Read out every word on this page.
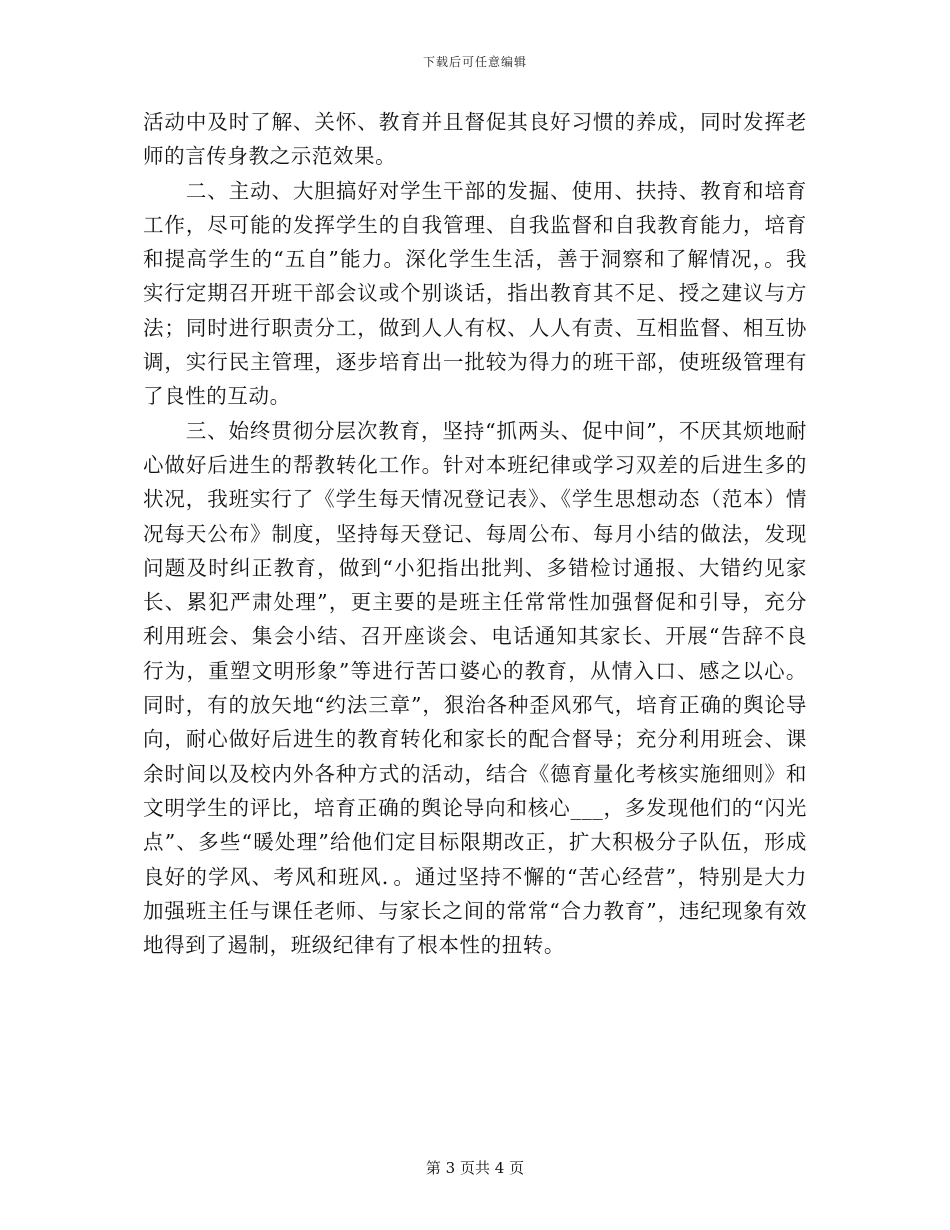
下载后可任意编辑

活动中及时了解、关怀、教育并且督促其良好习惯的养成，同时发挥老师的言传身教之示范效果。

　　二、主动、大胆搞好对学生干部的发掘、使用、扶持、教育和培育工作，尽可能的发挥学生的自我管理、自我监督和自我教育能力，培育和提高学生的“五自”能力。深化学生生活，善于洞察和了解情况，。我实行定期召开班干部会议或个别谈话，指出教育其不足、授之建议与方法；同时进行职责分工，做到人人有权、人人有责、互相监督、相互协调，实行民主管理，逐步培育出一批较为得力的班干部，使班级管理有了良性的互动。

　　三、始终贯彻分层次教育，坚持“抓两头、促中间”，不厌其烦地耐心做好后进生的帮教转化工作。针对本班纪律或学习双差的后进生多的状况，我班实行了《学生每天情况登记表》、《学生思想动态（范本）情况每天公布》制度，坚持每天登记、每周公布、每月小结的做法，发现问题及时纠正教育，做到“小犯指出批判、多错检讨通报、大错约见家长、累犯严肃处理”，更主要的是班主任常常性加强督促和引导，充分利用班会、集会小结、召开座谈会、电话通知其家长、开展“告辞不良行为，重塑文明形象”等进行苦口婆心的教育，从情入口、感之以心。同时，有的放矢地“约法三章”，狠治各种歪风邪气，培育正确的舆论导向，耐心做好后进生的教育转化和家长的配合督导；充分利用班会、课余时间以及校内外各种方式的活动，结合《德育量化考核实施细则》和文明学生的评比，培育正确的舆论导向和核心___，多发现他们的“闪光点”、多些“暖处理”给他们定目标限期改正，扩大积极分子队伍，形成良好的学风、考风和班风．。通过坚持不懈的“苦心经营”，特别是大力加强班主任与课任老师、与家长之间的常常“合力教育”，违纪现象有效地得到了遏制，班级纪律有了根本性的扭转。

第 3 页共 4 页
